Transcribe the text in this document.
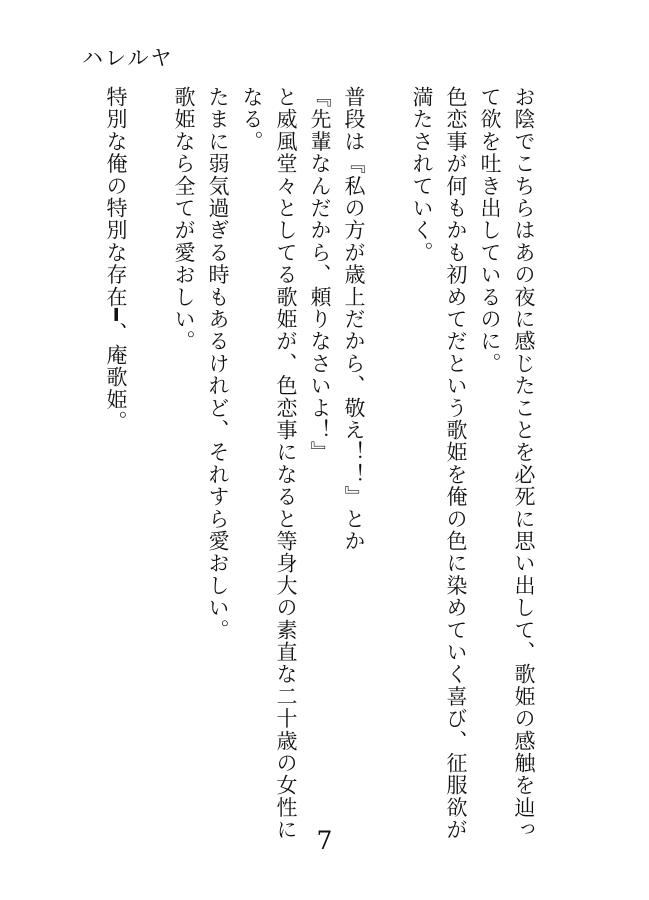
ハレルヤ

お陰でこちらはあの夜に感じたことを必死に思い出して、歌姫の感触を辿って欲を吐き出しているのに。

色恋事が何もかも初めてだという歌姫を俺の色に染めていく喜び、征服欲が満たされていく。

普段は『私の方が歳上だから、敬え！！』とか

『先輩なんだから、頼りなさいよ！』

と威風堂々としてる歌姫が、色恋事になると等身大の素直な二十歳の女性になる。

たまに弱気過ぎる時もあるけれど、それすら愛おしい。

歌姫なら全てが愛おしい。

特別な俺の特別な存在━、庵歌姫。

7
